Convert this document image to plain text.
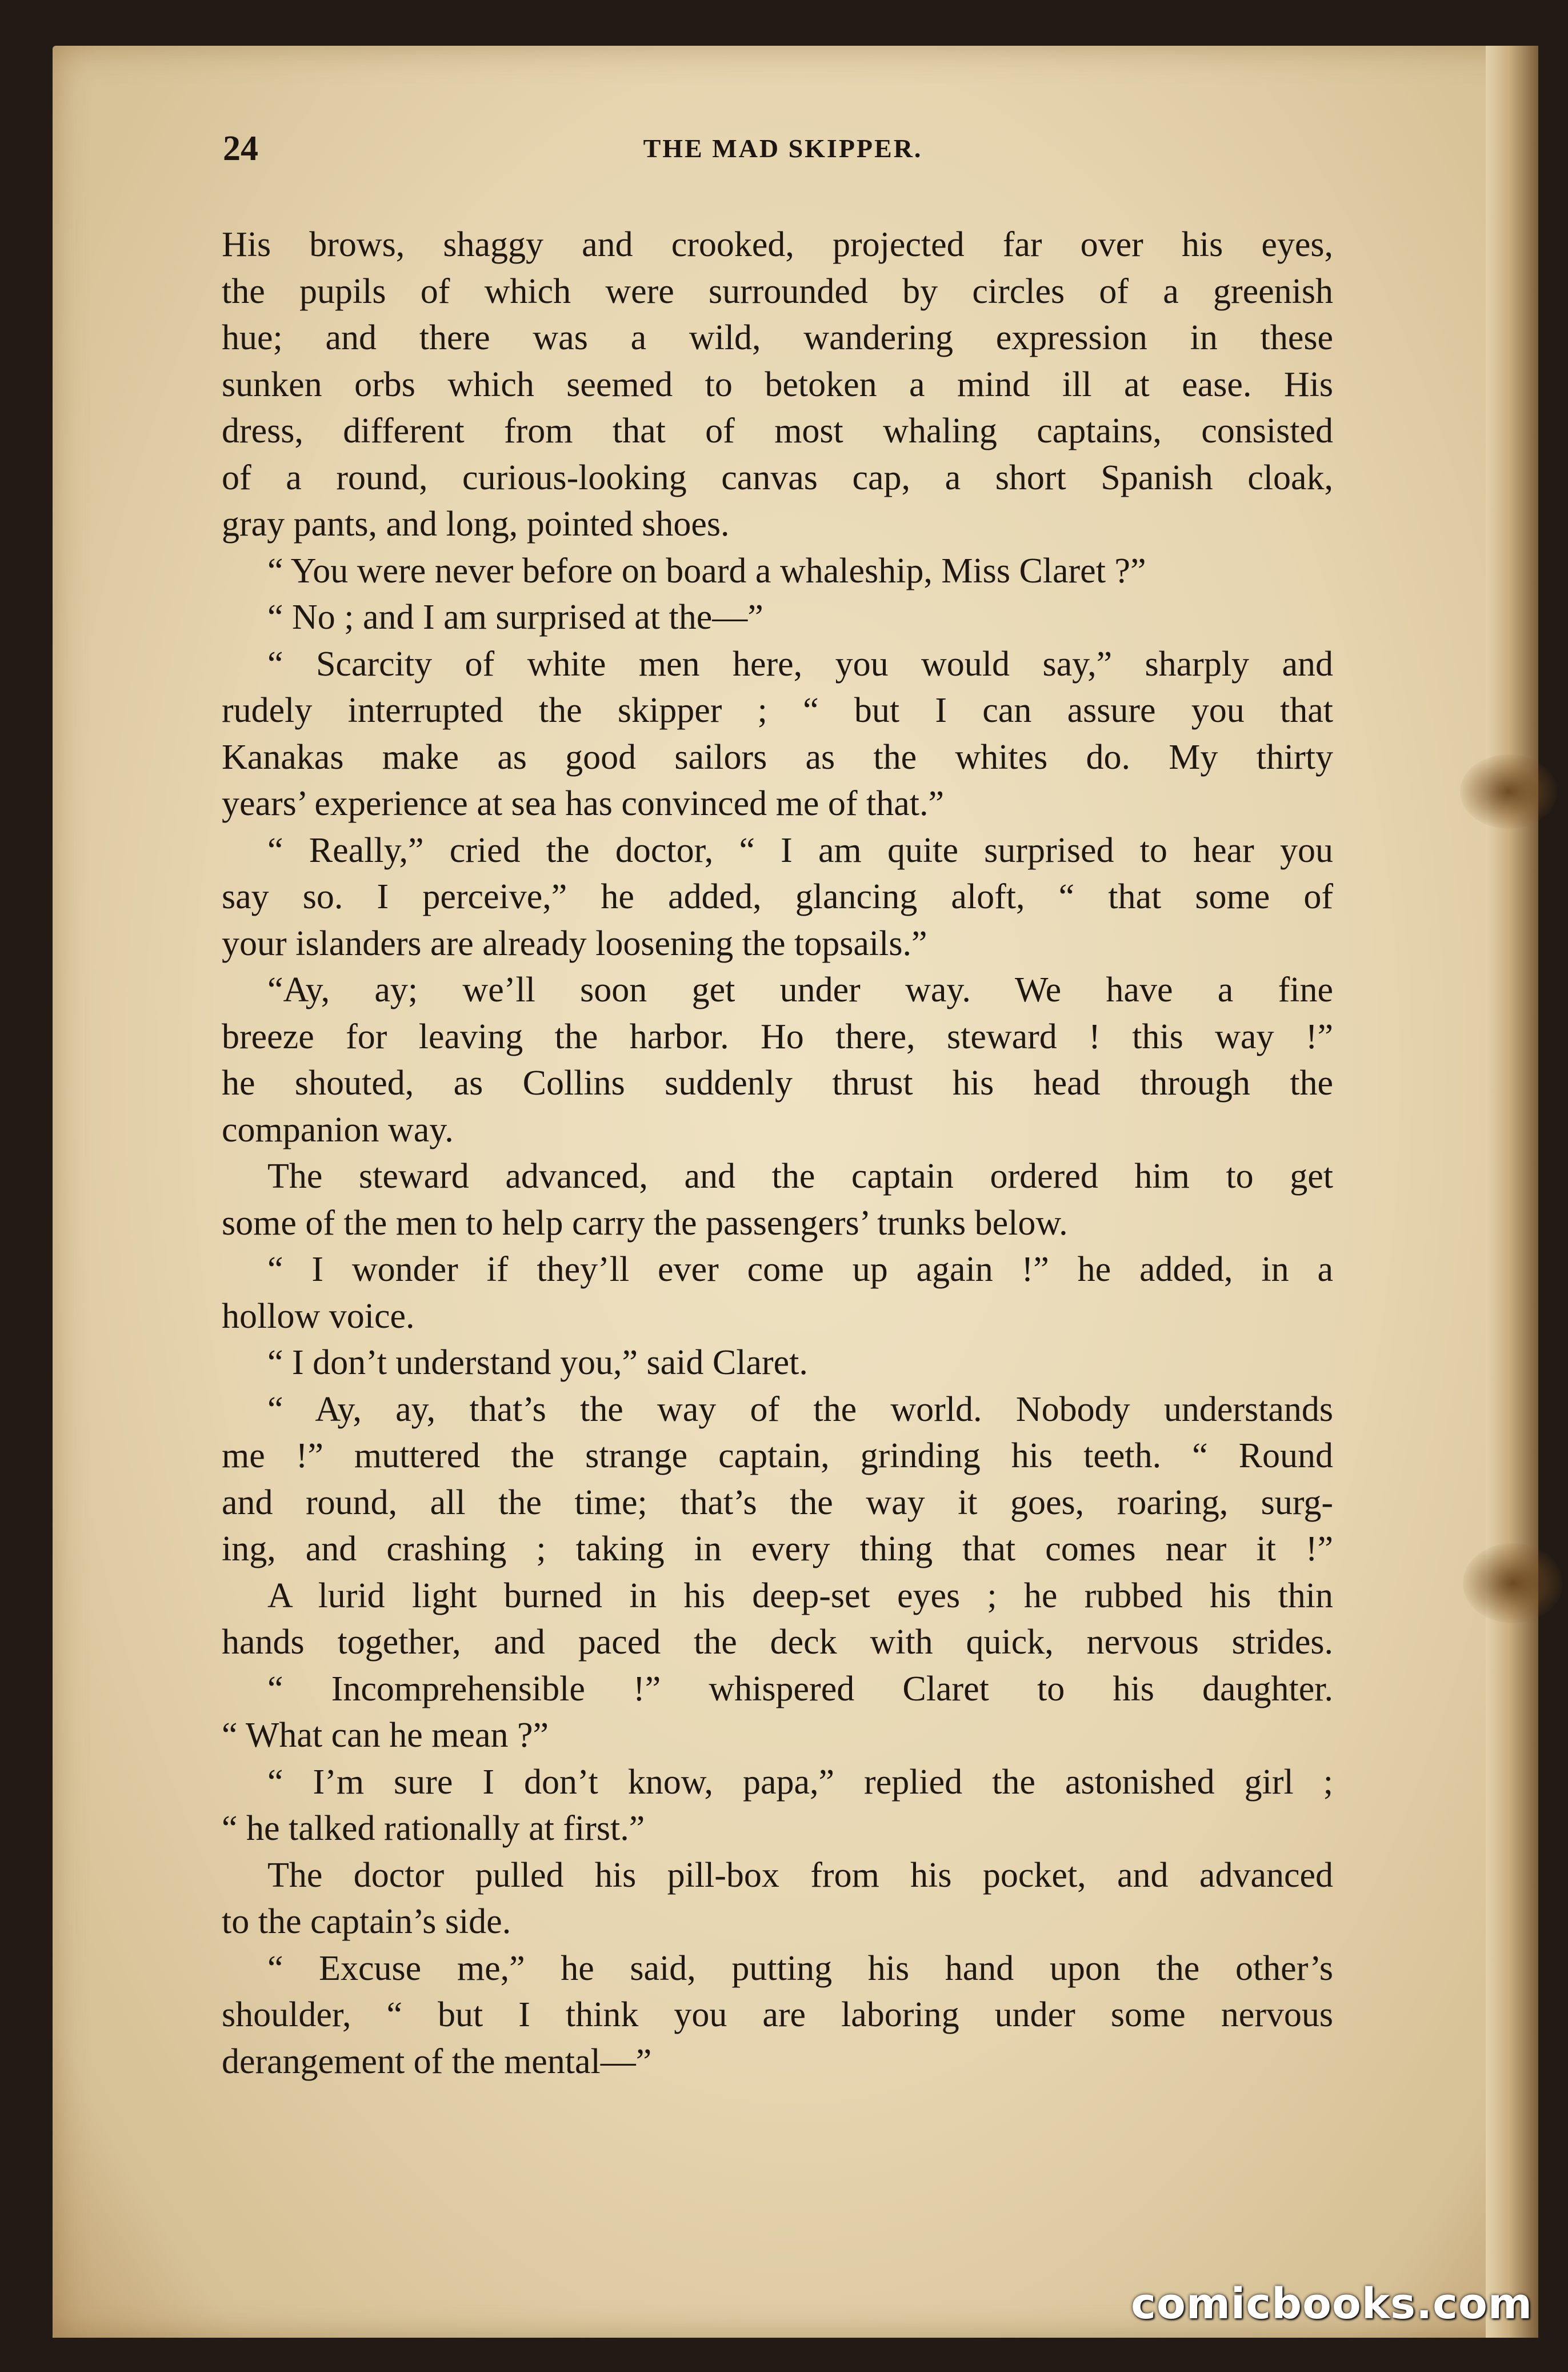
24	THE MAD SKIPPER.
His brows, shaggy and crooked, projected far over his eyes,
the pupils of which were surrounded by circles of a greenish
hue; and there was a wild, wandering expression in these
sunken orbs which seemed to betoken a mind ill at ease. His
dress, different from that of most whaling captains, consisted
of a round, curious-looking canvas cap, a short Spanish cloak,
gray pants, and long, pointed shoes.
“ You were never before on board a whaleship, Miss Claret ?”
“ No ; and I am surprised at the—”
“ Scarcity of white men here, you would say,” sharply and
rudely interrupted the skipper ; “ but I can assure you that
Kanakas make as good sailors as the whites do. My thirty
years’ experience at sea has convinced me of that.”
“ Really,” cried the doctor, “ I am quite surprised to hear you
say so. I perceive,” he added, glancing aloft, “ that some of
your islanders are already loosening the topsails.”
“Ay, ay; we’ll soon get under way. We have a fine
breeze for leaving the harbor. Ho there, steward ! this way !”
he shouted, as Collins suddenly thrust his head through the
companion way.
The steward advanced, and the captain ordered him to get
some of the men to help carry the passengers’ trunks below.
“ I wonder if they’ll ever come up again !” he added, in a
hollow voice.
“ I don’t understand you,” said Claret.
“ Ay, ay, that’s the way of the world. Nobody understands
me !” muttered the strange captain, grinding his teeth. “ Round
and round, all the time; that’s the way it goes, roaring, surg-
ing, and crashing ; taking in every thing that comes near it !”
A lurid light burned in his deep-set eyes ; he rubbed his thin
hands together, and paced the deck with quick, nervous strides.
“ Incomprehensible !” whispered Claret to his daughter.
“ What can he mean ?”
“ I’m sure I don’t know, papa,” replied the astonished girl ;
“ he talked rationally at first.”
The doctor pulled his pill-box from his pocket, and advanced
to the captain’s side.
“ Excuse me,” he said, putting his hand upon the other’s
shoulder, “ but I think you are laboring under some nervous
derangement of the mental—”
comicbooks.com
